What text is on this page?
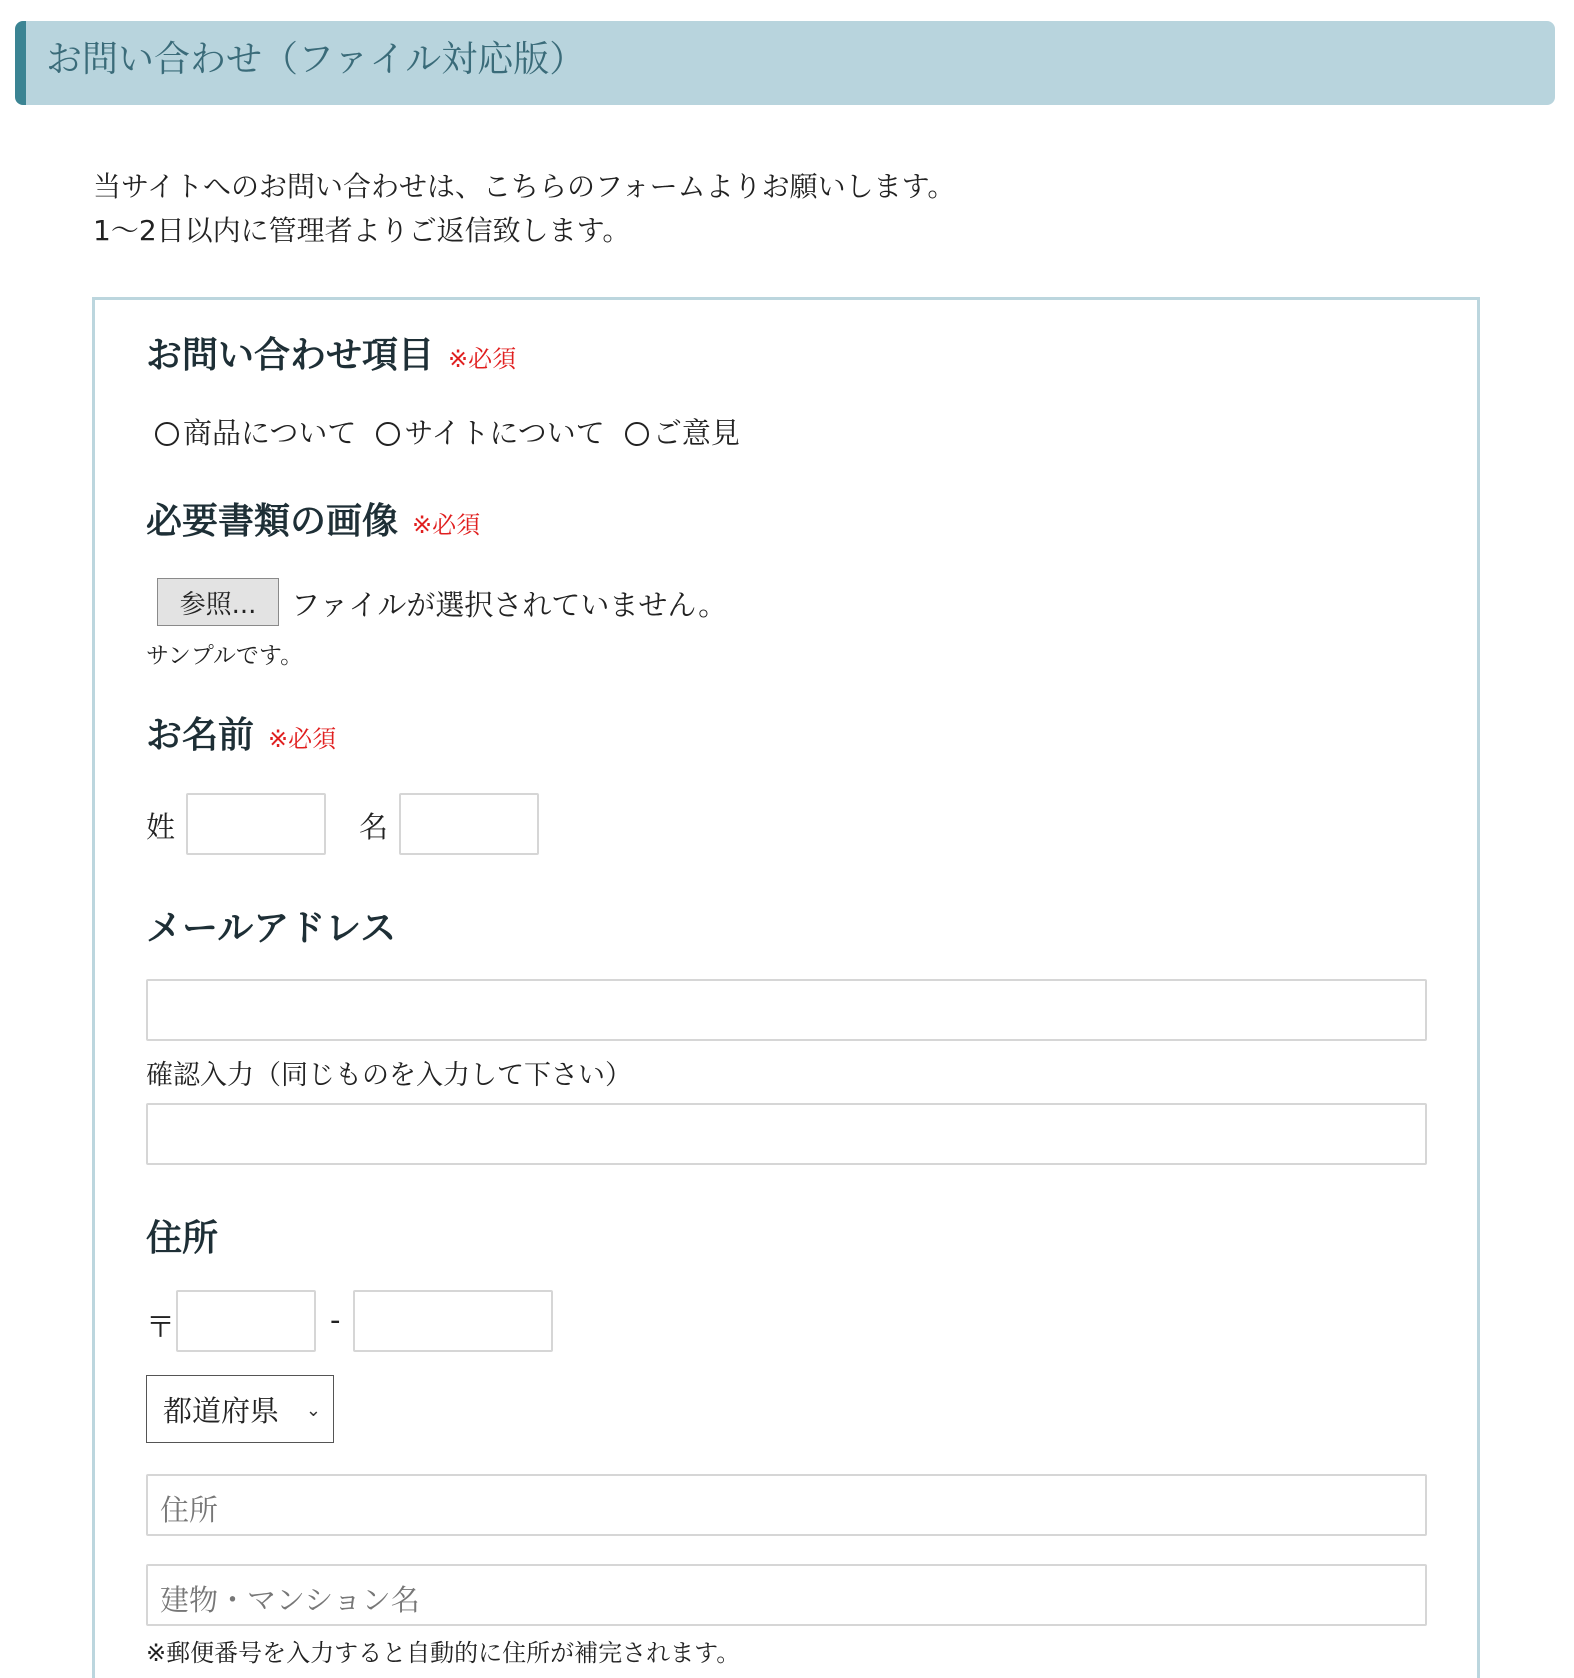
お問い合わせ（ファイル対応版）
当サイトへのお問い合わせは、こちらのフォームよりお願いします。
1～2日以内に管理者よりご返信致します。
お問い合わせ項目 ※必須
商品について サイトについて ご意見
必要書類の画像 ※必須
参照...	ファイルが選択されていません。
サンプルです。
お名前 ※必須
姓	名
メールアドレス
確認入力（同じものを入力して下さい）
住所
〒	-
都道府県 ⌄
住所
建物・マンション名
※郵便番号を入力すると自動的に住所が補完されます。
